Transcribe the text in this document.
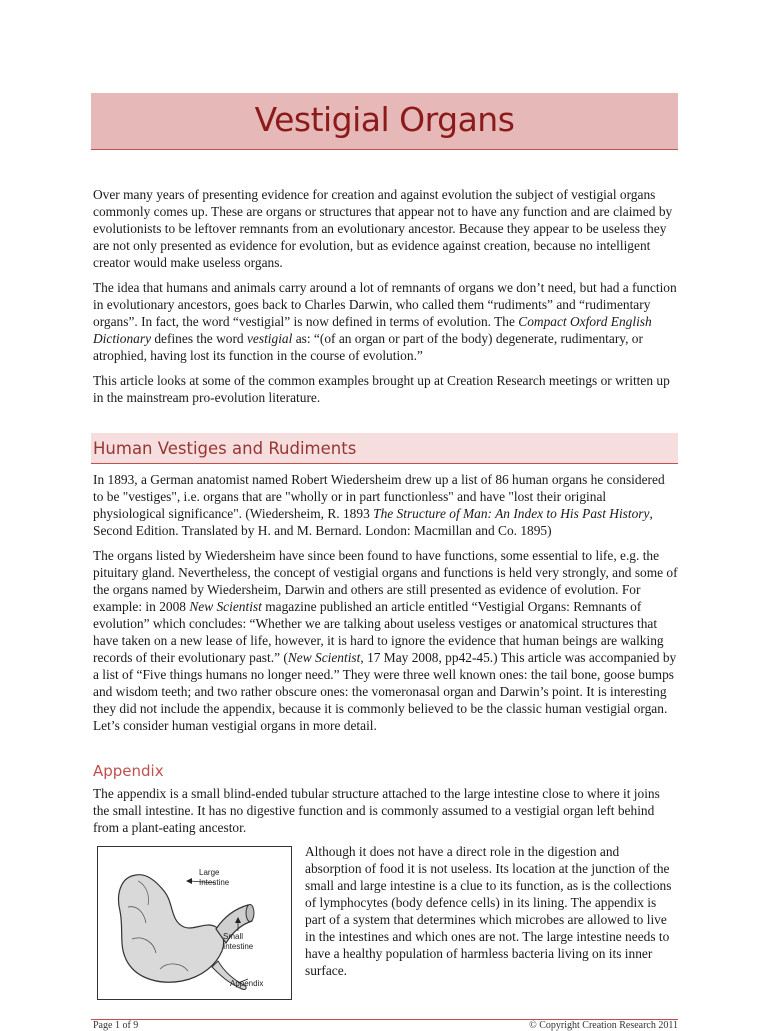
Vestigial Organs

Over many years of presenting evidence for creation and against evolution the subject of vestigial organs commonly comes up. These are organs or structures that appear not to have any function and are claimed by evolutionists to be leftover remnants from an evolutionary ancestor. Because they appear to be useless they are not only presented as evidence for evolution, but as evidence against creation, because no intelligent creator would make useless organs.

The idea that humans and animals carry around a lot of remnants of organs we don’t need, but had a function in evolutionary ancestors, goes back to Charles Darwin, who called them “rudiments” and “rudimentary organs”. In fact, the word “vestigial” is now defined in terms of evolution. The Compact Oxford English Dictionary defines the word vestigial as: “(of an organ or part of the body) degenerate, rudimentary, or atrophied, having lost its function in the course of evolution.”

This article looks at some of the common examples brought up at Creation Research meetings or written up in the mainstream pro-evolution literature.

Human Vestiges and Rudiments

In 1893, a German anatomist named Robert Wiedersheim drew up a list of 86 human organs he considered to be "vestiges", i.e. organs that are "wholly or in part functionless" and have "lost their original physiological significance". (Wiedersheim, R. 1893 The Structure of Man: An Index to His Past History, Second Edition. Translated by H. and M. Bernard. London: Macmillan and Co. 1895)

The organs listed by Wiedersheim have since been found to have functions, some essential to life, e.g. the pituitary gland. Nevertheless, the concept of vestigial organs and functions is held very strongly, and some of the organs named by Wiedersheim, Darwin and others are still presented as evidence of evolution. For example: in 2008 New Scientist magazine published an article entitled “Vestigial Organs: Remnants of evolution” which concludes: “Whether we are talking about useless vestiges or anatomical structures that have taken on a new lease of life, however, it is hard to ignore the evidence that human beings are walking records of their evolutionary past.” (New Scientist, 17 May 2008, pp42-45.) This article was accompanied by a list of “Five things humans no longer need.” They were three well known ones: the tail bone, goose bumps and wisdom teeth; and two rather obscure ones: the vomeronasal organ and Darwin’s point. It is interesting they did not include the appendix, because it is commonly believed to be the classic human vestigial organ. Let’s consider human vestigial organs in more detail.

Appendix

The appendix is a small blind-ended tubular structure attached to the large intestine close to where it joins the small intestine. It has no digestive function and is commonly assumed to a vestigial organ left behind from a plant-eating ancestor.

Large
Intestine
Small
Intestine
Appendix
Although it does not have a direct role in the digestion and absorption of food it is not useless. Its location at the junction of the small and large intestine is a clue to its function, as is the collections of lymphocytes (body defence cells) in its lining. The appendix is part of a system that determines which microbes are allowed to live in the intestines and which ones are not. The large intestine needs to have a healthy population of harmless bacteria living on its inner surface.
Page 1 of 9	© Copyright Creation Research 2011
